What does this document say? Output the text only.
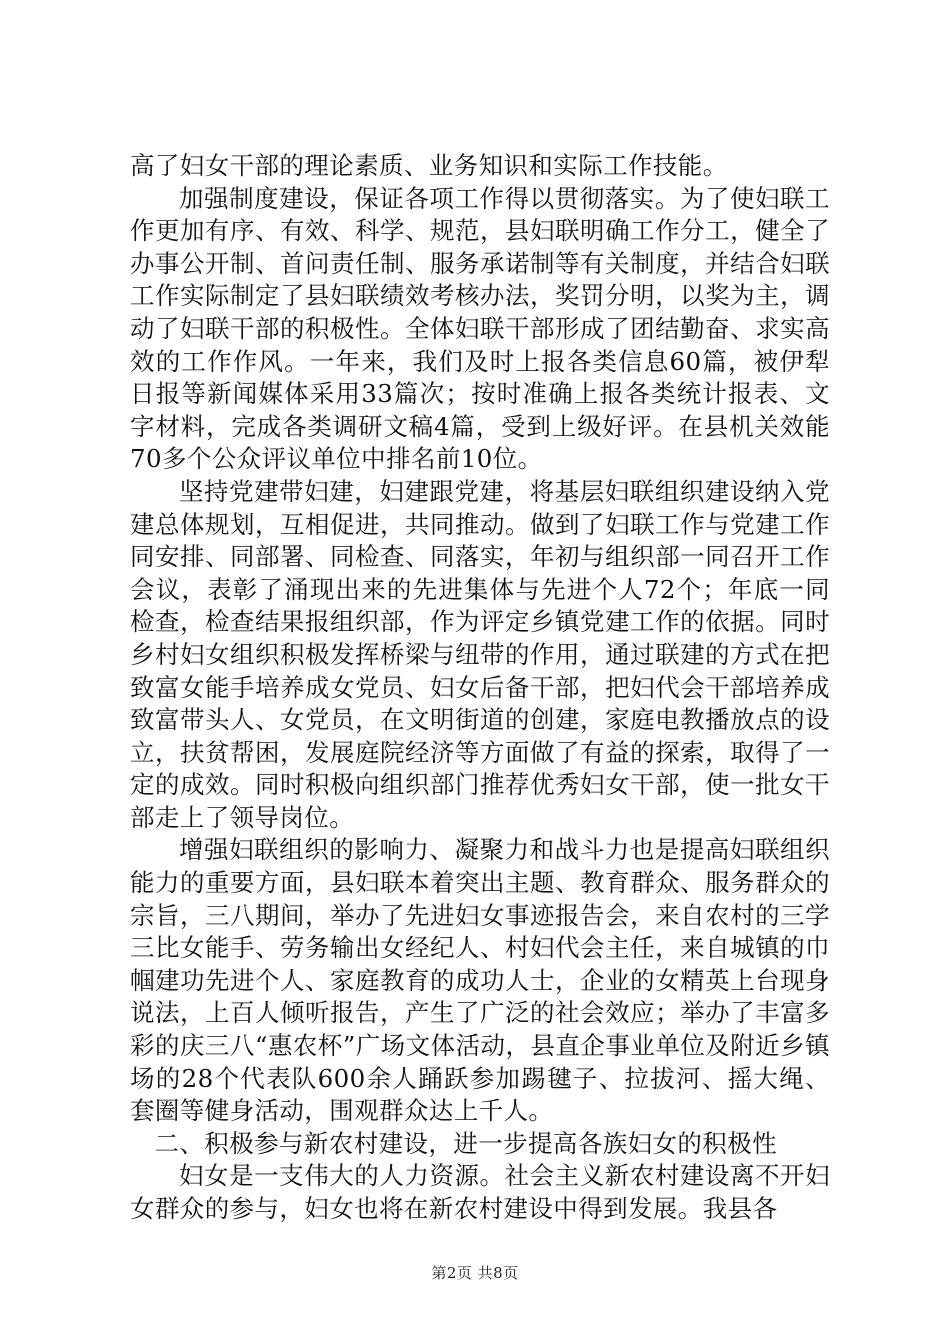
高了妇女干部的理论素质、业务知识和实际工作技能。

加强制度建设，保证各项工作得以贯彻落实。为了使妇联工作更加有序、有效、科学、规范，县妇联明确工作分工，健全了办事公开制、首问责任制、服务承诺制等有关制度，并结合妇联工作实际制定了县妇联绩效考核办法，奖罚分明，以奖为主，调动了妇联干部的积极性。全体妇联干部形成了团结勤奋、求实高效的工作作风。一年来，我们及时上报各类信息60篇，被伊犁日报等新闻媒体采用33篇次；按时准确上报各类统计报表、文字材料，完成各类调研文稿4篇，受到上级好评。在县机关效能70多个公众评议单位中排名前10位。

坚持党建带妇建，妇建跟党建，将基层妇联组织建设纳入党建总体规划，互相促进，共同推动。做到了妇联工作与党建工作同安排、同部署、同检查、同落实，年初与组织部一同召开工作会议，表彰了涌现出来的先进集体与先进个人72个；年底一同检查，检查结果报组织部，作为评定乡镇党建工作的依据。同时乡村妇女组织积极发挥桥梁与纽带的作用，通过联建的方式在把致富女能手培养成女党员、妇女后备干部，把妇代会干部培养成致富带头人、女党员，在文明街道的创建，家庭电教播放点的设立，扶贫帮困，发展庭院经济等方面做了有益的探索，取得了一定的成效。同时积极向组织部门推荐优秀妇女干部，使一批女干部走上了领导岗位。

增强妇联组织的影响力、凝聚力和战斗力也是提高妇联组织能力的重要方面，县妇联本着突出主题、教育群众、服务群众的宗旨，三八期间，举办了先进妇女事迹报告会，来自农村的三学三比女能手、劳务输出女经纪人、村妇代会主任，来自城镇的巾帼建功先进个人、家庭教育的成功人士，企业的女精英上台现身说法，上百人倾听报告，产生了广泛的社会效应；举办了丰富多彩的庆三八“惠农杯”广场文体活动，县直企事业单位及附近乡镇场的28个代表队600余人踊跃参加踢毽子、拉拔河、摇大绳、套圈等健身活动，围观群众达上千人。

二、积极参与新农村建设，进一步提高各族妇女的积极性

妇女是一支伟大的人力资源。社会主义新农村建设离不开妇女群众的参与，妇女也将在新农村建设中得到发展。我县各

第2页 共8页
